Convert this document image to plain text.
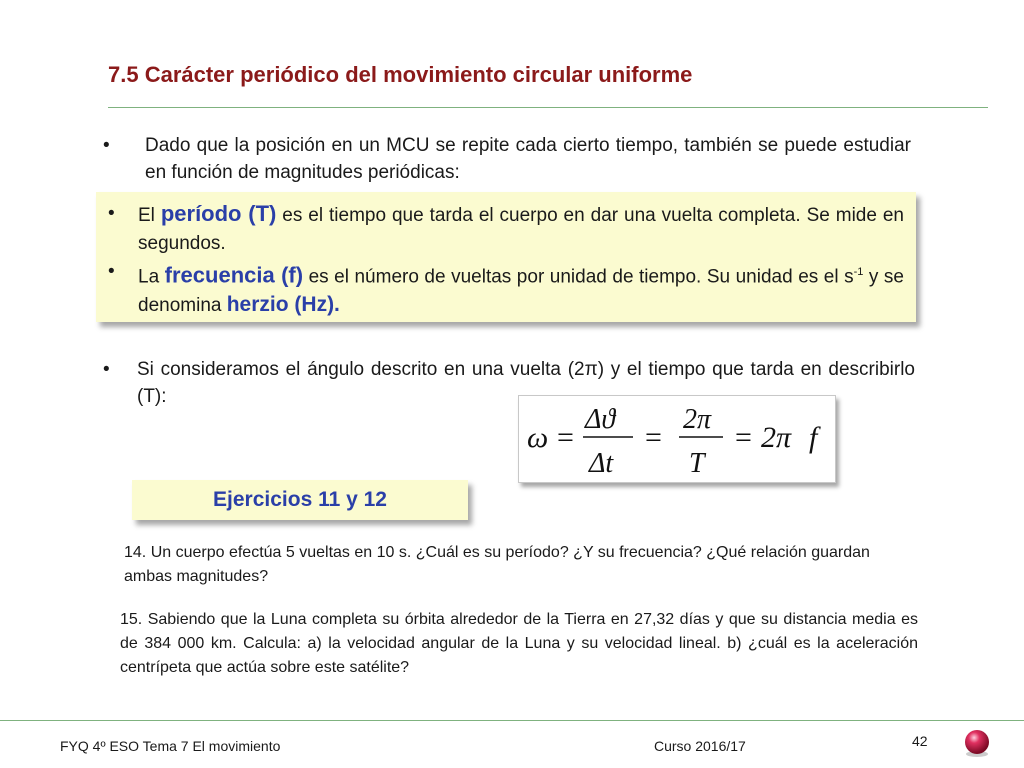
7.5 Carácter periódico del movimiento circular uniforme
•	Dado que la posición en un MCU se repite cada cierto tiempo, también se puede estudiar en función de magnitudes periódicas:
•	El período (T) es el tiempo que tarda el cuerpo en dar una vuelta completa. Se mide en segundos.
•	La frecuencia (f) es el número de vueltas por unidad de tiempo. Su unidad es el $s^{-1}$ y se denomina herzio (Hz).
•	Si consideramos el ángulo descrito en una vuelta (2π) y el tiempo que tarda en describirlo (T):
ω =
Δϑ
Δt
=
2π
T
= 2π f
Ejercicios 11 y 12
14. Un cuerpo efectúa 5 vueltas en 10 s. ¿Cuál es su período? ¿Y su frecuencia? ¿Qué relación guardan ambas magnitudes?
15. Sabiendo que la Luna completa su órbita alrededor de la Tierra en 27,32 días y que su distancia media es de 384 000 km. Calcula: a) la velocidad angular de la Luna y su velocidad lineal. b) ¿cuál es la aceleración centrípeta que actúa sobre este satélite?
FYQ 4º ESO Tema 7 El movimiento	Curso 2016/17	42
